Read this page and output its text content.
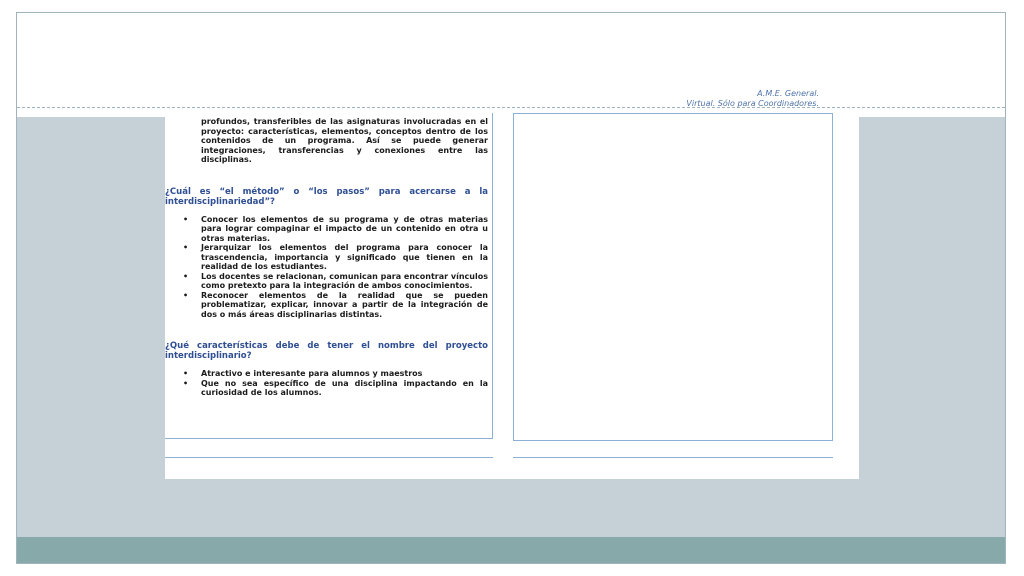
A.M.E. General.
Virtual. Sólo para Coordinadores.

profundos, transferibles de las asignaturas involucradas en el proyecto: características, elementos, conceptos dentro de los contenidos de un programa. Así se puede generar integraciones, transferencias y conexiones entre las disciplinas.

¿Cuál es “el método” o “los pasos” para acercarse a la interdisciplinariedad”?
• Conocer los elementos de su programa y de otras materias para lograr compaginar el impacto de un contenido en otra u otras materias.
• Jerarquizar los elementos del programa para conocer la trascendencia, importancia y significado que tienen en la realidad de los estudiantes.
• Los docentes se relacionan, comunican para encontrar vínculos como pretexto para la integración de ambos conocimientos.
• Reconocer elementos de la realidad que se pueden problematizar, explicar, innovar a partir de la integración de dos o más áreas disciplinarias distintas.
¿Qué características debe de tener el nombre del proyecto interdisciplinario?
• Atractivo e interesante para alumnos y maestros
• Que no sea específico de una disciplina impactando en la curiosidad de los alumnos.
